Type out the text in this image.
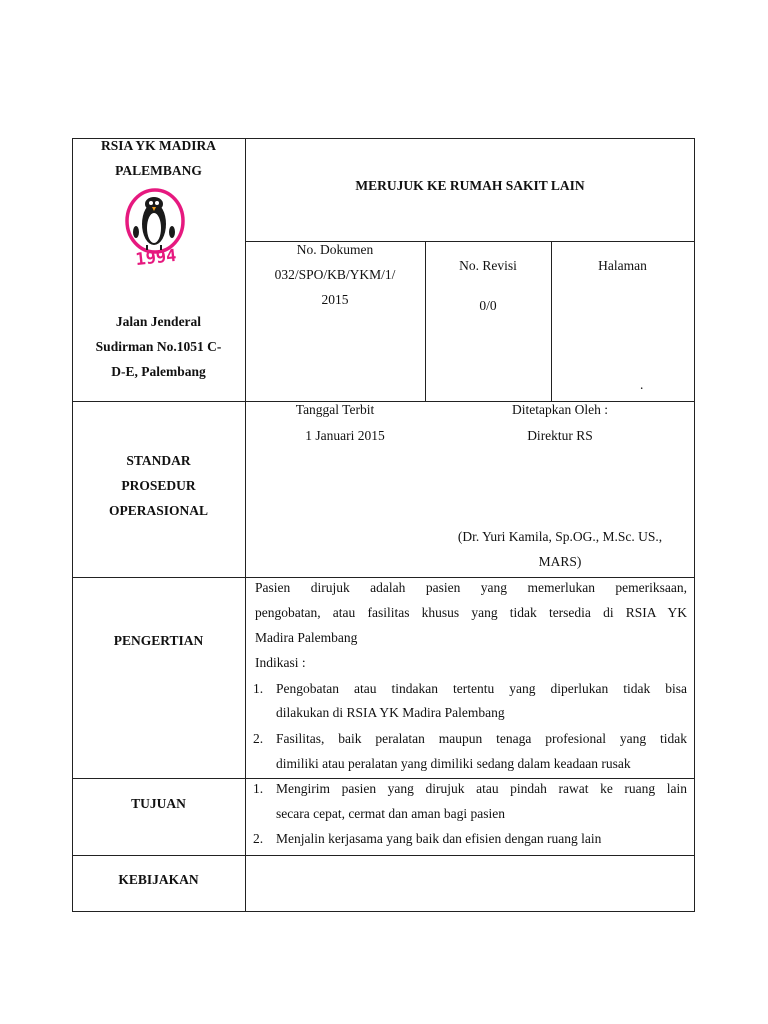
RSIA YK MADIRA
PALEMBANG
1994
Jalan Jenderal
Sudirman No.1051 C-
D-E, Palembang
MERUJUK KE RUMAH SAKIT LAIN
No. Dokumen
032/SPO/KB/YKM/1/
2015
No. Revisi
0/0
Halaman
.
STANDAR
PROSEDUR
OPERASIONAL
Tanggal Terbit
1 Januari 2015
Ditetapkan Oleh :
Direktur RS
(Dr. Yuri Kamila, Sp.OG., M.Sc. US.,
MARS)
PENGERTIAN
Pasien dirujuk adalah pasien yang memerlukan pemeriksaan,
pengobatan, atau fasilitas khusus yang tidak tersedia di RSIA YK
Madira Palembang
Indikasi :
1. Pengobatan atau tindakan tertentu yang diperlukan tidak bisa
dilakukan di RSIA YK Madira Palembang
2. Fasilitas, baik peralatan maupun tenaga profesional yang tidak
dimiliki atau peralatan yang dimiliki sedang dalam keadaan rusak
TUJUAN
1. Mengirim pasien yang dirujuk atau pindah rawat ke ruang lain
secara cepat, cermat dan aman bagi pasien
2. Menjalin kerjasama yang baik dan efisien dengan ruang lain
KEBIJAKAN
